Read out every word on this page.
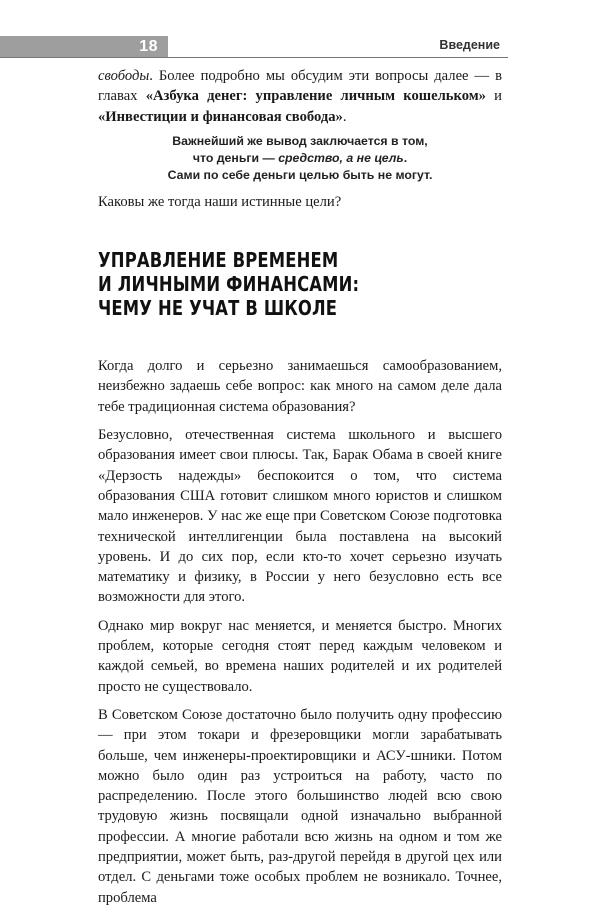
18	Введение

свободы. Более подробно мы обсудим эти вопросы далее — в главах «Азбука денег: управление личным кошельком» и «Инвестиции и финансовая свобода».

Важнейший же вывод заключается в том,
что деньги — средство, а не цель.
Сами по себе деньги целью быть не могут.

Каковы же тогда наши истинные цели?

УПРАВЛЕНИЕ ВРЕМЕНЕМ
И ЛИЧНЫМИ ФИНАНСАМИ:
ЧЕМУ НЕ УЧАТ В ШКОЛЕ

Когда долго и серьезно занимаешься самообразованием, неизбежно задаешь себе вопрос: как много на самом деле дала тебе традиционная система образования?

Безусловно, отечественная система школьного и высшего образования имеет свои плюсы. Так, Барак Обама в своей книге «Дерзость надежды» беспокоится о том, что система образования США готовит слишком много юристов и слишком мало инженеров. У нас же еще при Советском Союзе подготовка технической интеллигенции была поставлена на высокий уровень. И до сих пор, если кто-то хочет серьезно изучать математику и физику, в России у него безусловно есть все возможности для этого.

Однако мир вокруг нас меняется, и меняется быстро. Многих проблем, которые сегодня стоят перед каждым человеком и каждой семьей, во времена наших родителей и их родителей просто не существовало.

В Советском Союзе достаточно было получить одну профессию — при этом токари и фрезеровщики могли зарабатывать больше, чем инженеры-проектировщики и АСУ-шники. Потом можно было один раз устроиться на работу, часто по распределению. После этого большинство людей всю свою трудовую жизнь посвящали одной изначально выбранной профессии. А многие работали всю жизнь на одном и том же предприятии, может быть, раз-другой перейдя в другой цех или отдел. С деньгами тоже особых проблем не возникало. Точнее, проблема
